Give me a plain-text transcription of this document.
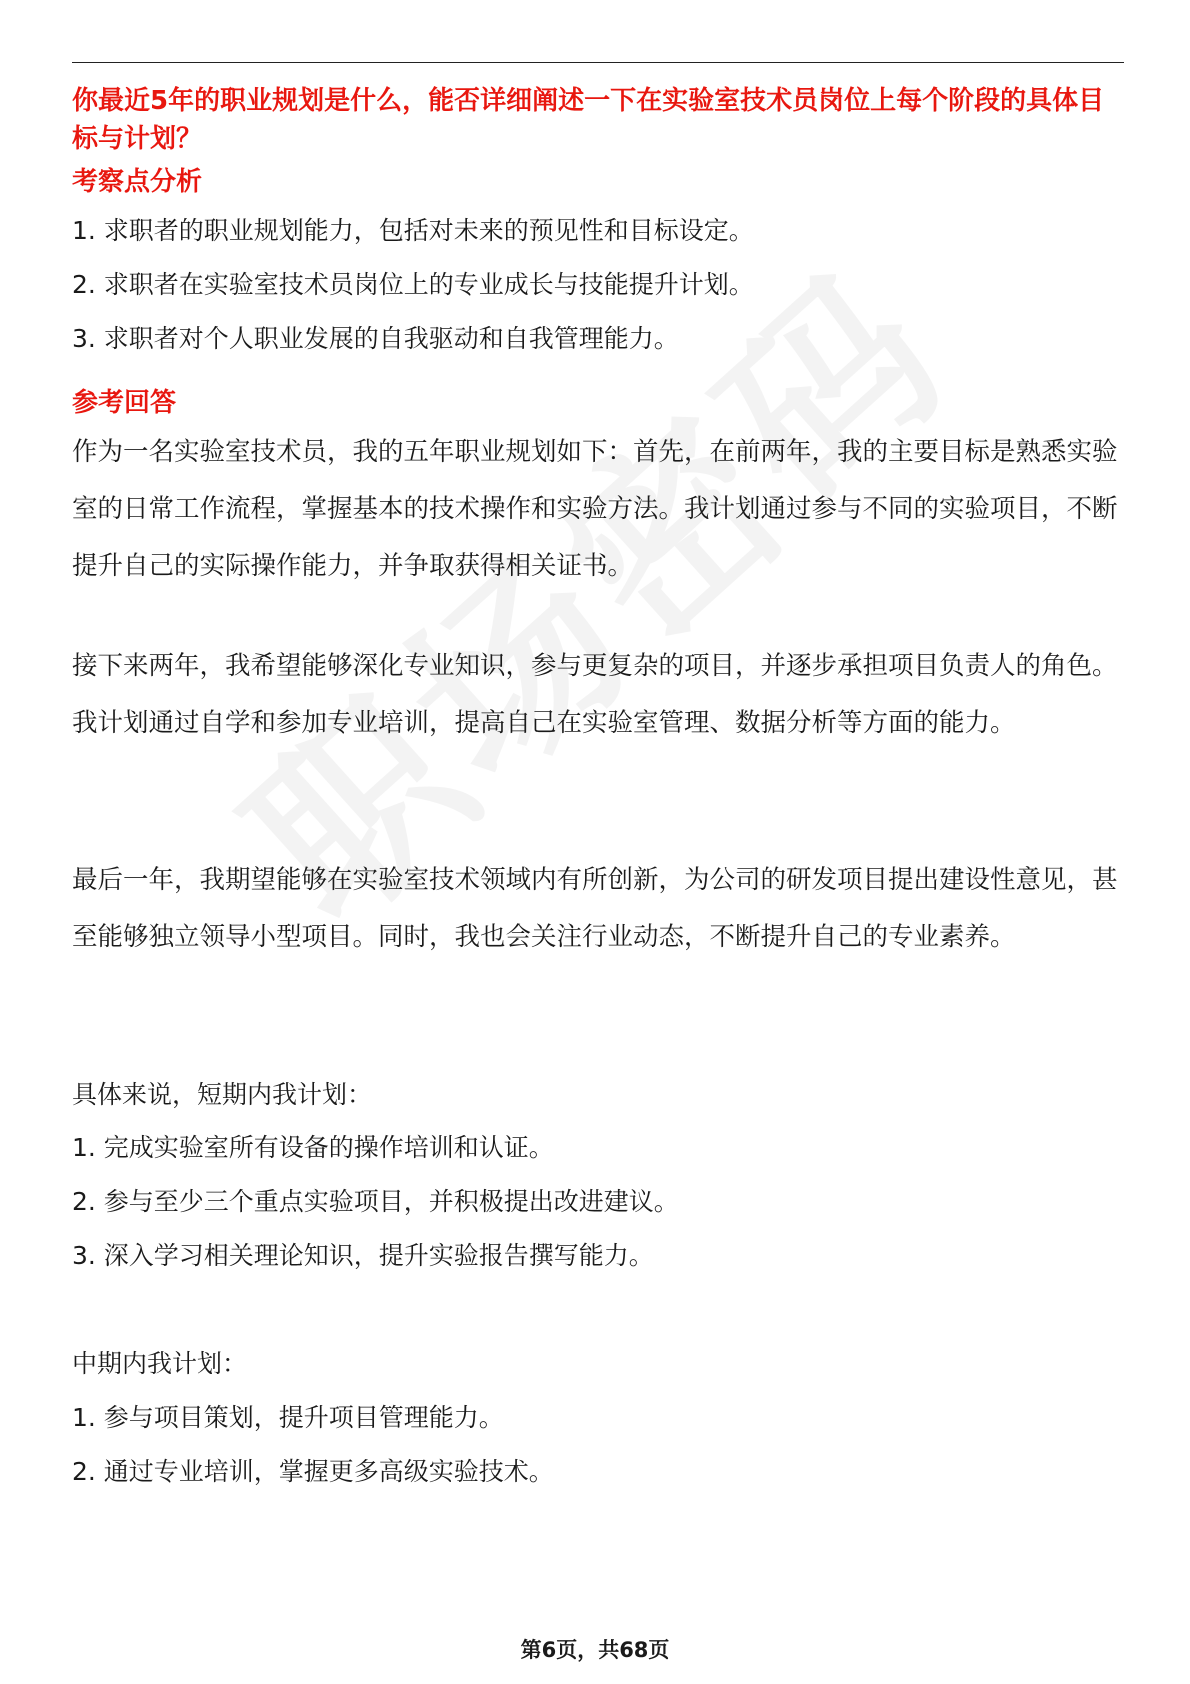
你最近5年的职业规划是什么，能否详细阐述一下在实验室技术员岗位上每个阶段的具体目标与计划？

考察点分析

1. 求职者的职业规划能力，包括对未来的预见性和目标设定。

2. 求职者在实验室技术员岗位上的专业成长与技能提升计划。

3. 求职者对个人职业发展的自我驱动和自我管理能力。

参考回答

作为一名实验室技术员，我的五年职业规划如下：首先，在前两年，我的主要目标是熟悉实验室的日常工作流程，掌握基本的技术操作和实验方法。我计划通过参与不同的实验项目，不断提升自己的实际操作能力，并争取获得相关证书。

接下来两年，我希望能够深化专业知识，参与更复杂的项目，并逐步承担项目负责人的角色。我计划通过自学和参加专业培训，提高自己在实验室管理、数据分析等方面的能力。

最后一年，我期望能够在实验室技术领域内有所创新，为公司的研发项目提出建设性意见，甚至能够独立领导小型项目。同时，我也会关注行业动态，不断提升自己的专业素养。

具体来说，短期内我计划：

1. 完成实验室所有设备的操作培训和认证。

2. 参与至少三个重点实验项目，并积极提出改进建议。

3. 深入学习相关理论知识，提升实验报告撰写能力。

中期内我计划：

1. 参与项目策划，提升项目管理能力。

2. 通过专业培训，掌握更多高级实验技术。

第6页，共68页
